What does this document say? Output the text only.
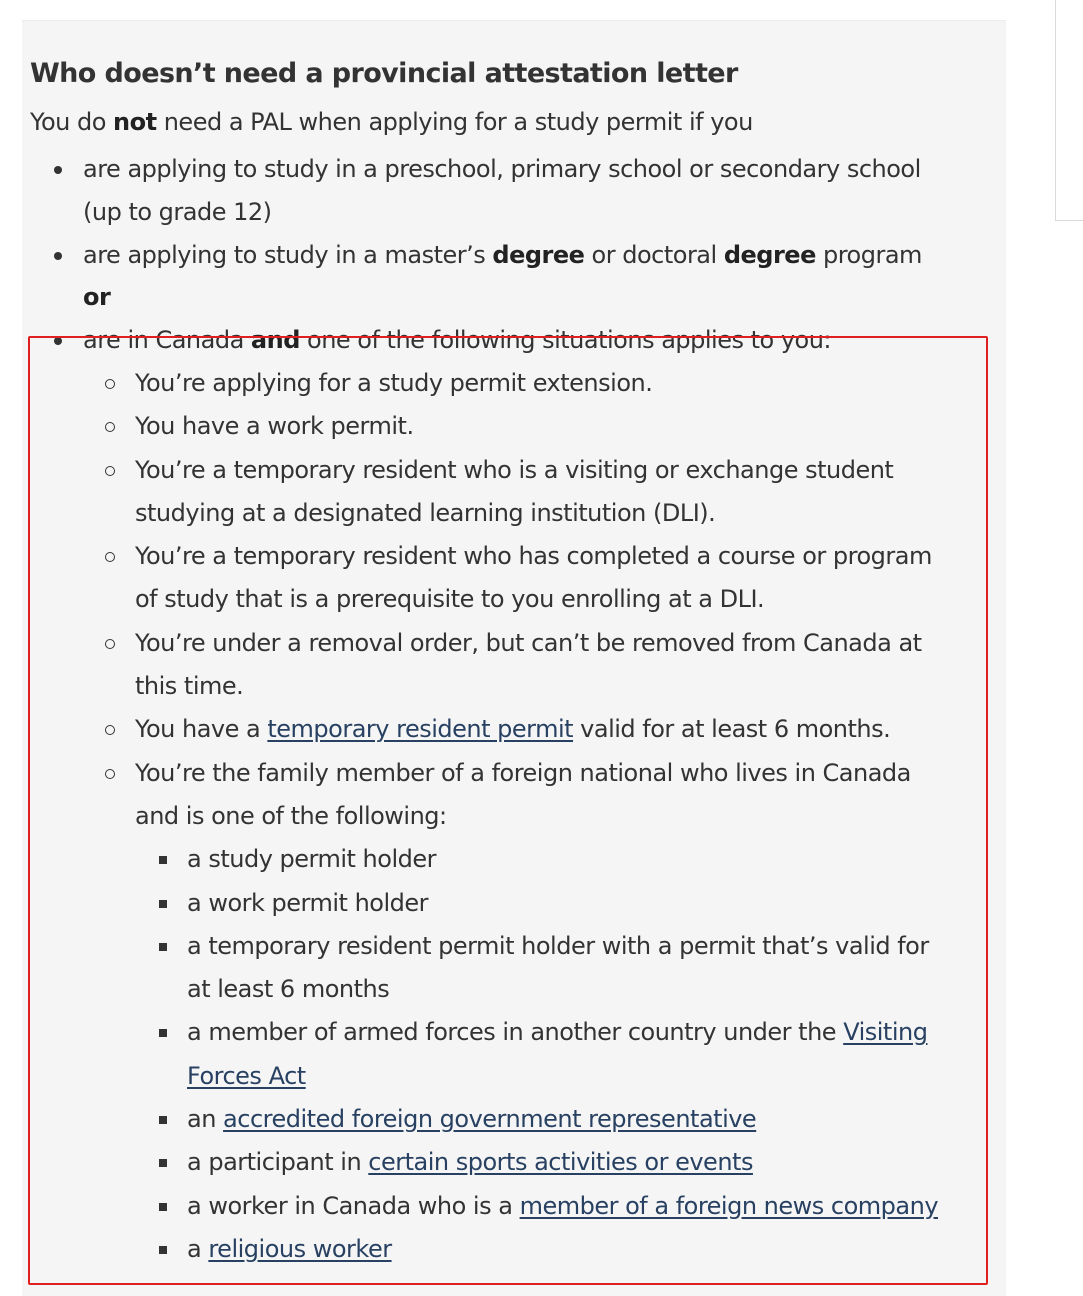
Who doesn’t need a provincial attestation letter

You do not need a PAL when applying for a study permit if you

are applying to study in a preschool, primary school or secondary school
(up to grade 12)
are applying to study in a master’s degree or doctoral degree program
or
are in Canada and one of the following situations applies to you:
You’re applying for a study permit extension.
You have a work permit.
You’re a temporary resident who is a visiting or exchange student
studying at a designated learning institution (DLI).
You’re a temporary resident who has completed a course or program
of study that is a prerequisite to you enrolling at a DLI.
You’re under a removal order, but can’t be removed from Canada at
this time.
You have a temporary resident permit valid for at least 6 months.
You’re the family member of a foreign national who lives in Canada
and is one of the following:
a study permit holder
a work permit holder
a temporary resident permit holder with a permit that’s valid for
at least 6 months
a member of armed forces in another country under the Visiting
Forces Act
an accredited foreign government representative
a participant in certain sports activities or events
a worker in Canada who is a member of a foreign news company
a religious worker
